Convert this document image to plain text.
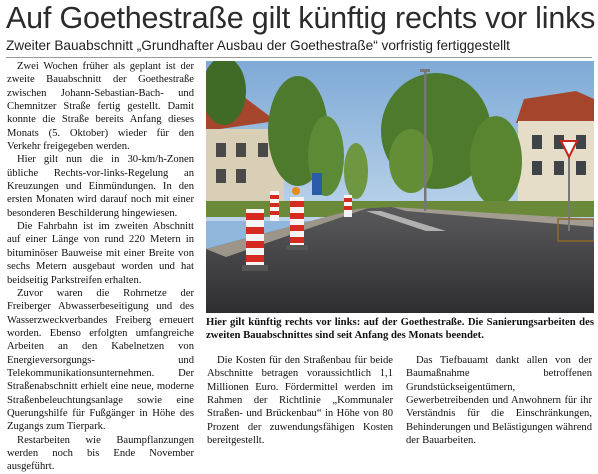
Auf Goethestraße gilt künftig rechts vor links
Zweiter Bauabschnitt „Grundhafter Ausbau der Goethestraße“ vorfristig fertiggestellt

Zwei Wochen früher als geplant ist der zweite Bauabschnitt der Goethestraße zwischen Johann-Sebastian-Bach- und Chemnitzer Straße fertig gestellt. Damit konnte die Straße bereits Anfang dieses Monats (5. Oktober) wieder für den Verkehr freigegeben werden.

Hier gilt nun die in 30-km/h-Zonen übliche Rechts-vor-links-Regelung an Kreuzungen und Einmündungen. In den ersten Monaten wird darauf noch mit einer besonderen Beschilderung hingewiesen.

Die Fahrbahn ist im zweiten Abschnitt auf einer Länge von rund 220 Metern in bituminöser Bauweise mit einer Breite von sechs Metern ausgebaut worden und hat beidseitig Parkstreifen erhalten.

Zuvor waren die Rohrnetze der Freiberger Abwasserbeseitigung und des Wasserzweckverbandes Freiberg erneuert worden. Ebenso erfolgten umfangreiche Arbeiten an den Kabelnetzen von Energieversorgungs- und Telekommunikationsunternehmen. Der Straßenabschnitt erhielt eine neue, moderne Straßenbeleuchtungsanlage sowie eine Querungshilfe für Fußgänger in Höhe des Zugangs zum Tierpark.

Restarbeiten wie Baumpflanzungen werden noch bis Ende November ausgeführt.

Hier gilt künftig rechts vor links: auf der Goethestraße. Die Sanierungsarbeiten des zweiten Bauabschnittes sind seit Anfang des Monats beendet.

Die Kosten für den Straßenbau für beide Abschnitte betragen voraussichtlich 1,1 Millionen Euro. Fördermittel werden im Rahmen der Richtlinie „Kommunaler Straßen- und Brückenbau“ in Höhe von 80 Prozent der zuwendungsfähigen Kosten bereitgestellt.

Das Tiefbauamt dankt allen von der Baumaßnahme betroffenen Grundstückseigentümern, Gewerbetreibenden und Anwohnern für ihr Verständnis für die Einschränkungen, Behinderungen und Belästigungen während der Bauarbeiten.
